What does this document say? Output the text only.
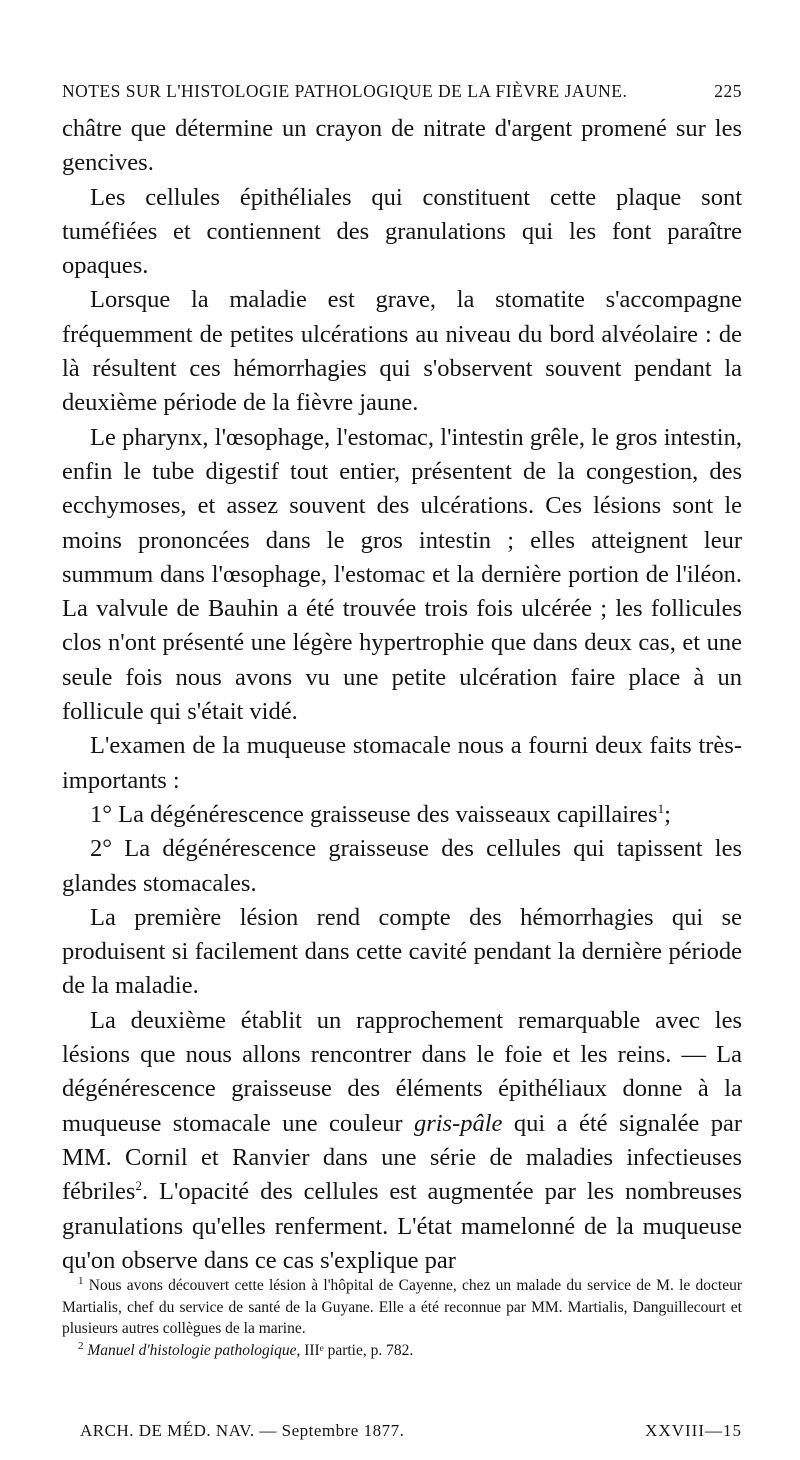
NOTES SUR L'HISTOLOGIE PATHOLOGIQUE DE LA FIÈVRE JAUNE.	225

châtre que détermine un crayon de nitrate d'argent promené sur les gencives.

Les cellules épithéliales qui constituent cette plaque sont tuméfiées et contiennent des granulations qui les font paraître opaques.

Lorsque la maladie est grave, la stomatite s'accompagne fréquemment de petites ulcérations au niveau du bord alvéolaire : de là résultent ces hémorrhagies qui s'observent souvent pendant la deuxième période de la fièvre jaune.

Le pharynx, l'œsophage, l'estomac, l'intestin grêle, le gros intestin, enfin le tube digestif tout entier, présentent de la congestion, des ecchymoses, et assez souvent des ulcérations. Ces lésions sont le moins prononcées dans le gros intestin ; elles atteignent leur summum dans l'œsophage, l'estomac et la dernière portion de l'iléon. La valvule de Bauhin a été trouvée trois fois ulcérée ; les follicules clos n'ont présenté une légère hypertrophie que dans deux cas, et une seule fois nous avons vu une petite ulcération faire place à un follicule qui s'était vidé.

L'examen de la muqueuse stomacale nous a fourni deux faits très-importants :

1° La dégénérescence graisseuse des vaisseaux capillaires$^1$;

2° La dégénérescence graisseuse des cellules qui tapissent les glandes stomacales.

La première lésion rend compte des hémorrhagies qui se produisent si facilement dans cette cavité pendant la dernière période de la maladie.

La deuxième établit un rapprochement remarquable avec les lésions que nous allons rencontrer dans le foie et les reins. — La dégénérescence graisseuse des éléments épithéliaux donne à la muqueuse stomacale une couleur gris-pâle qui a été signalée par MM. Cornil et Ranvier dans une série de maladies infectieuses fébriles$^2$. L'opacité des cellules est augmentée par les nombreuses granulations qu'elles renferment. L'état mamelonné de la muqueuse qu'on observe dans ce cas s'explique par

$^1$ Nous avons découvert cette lésion à l'hôpital de Cayenne, chez un malade du service de M. le docteur Martialis, chef du service de santé de la Guyane. Elle a été reconnue par MM. Martialis, Danguillecourt et plusieurs autres collègues de la marine.

$^2$ Manuel d'histologie pathologique, IIIᵉ partie, p. 782.

ARCH. DE MÉD. NAV. — Septembre 1877.	XXVIII—15
